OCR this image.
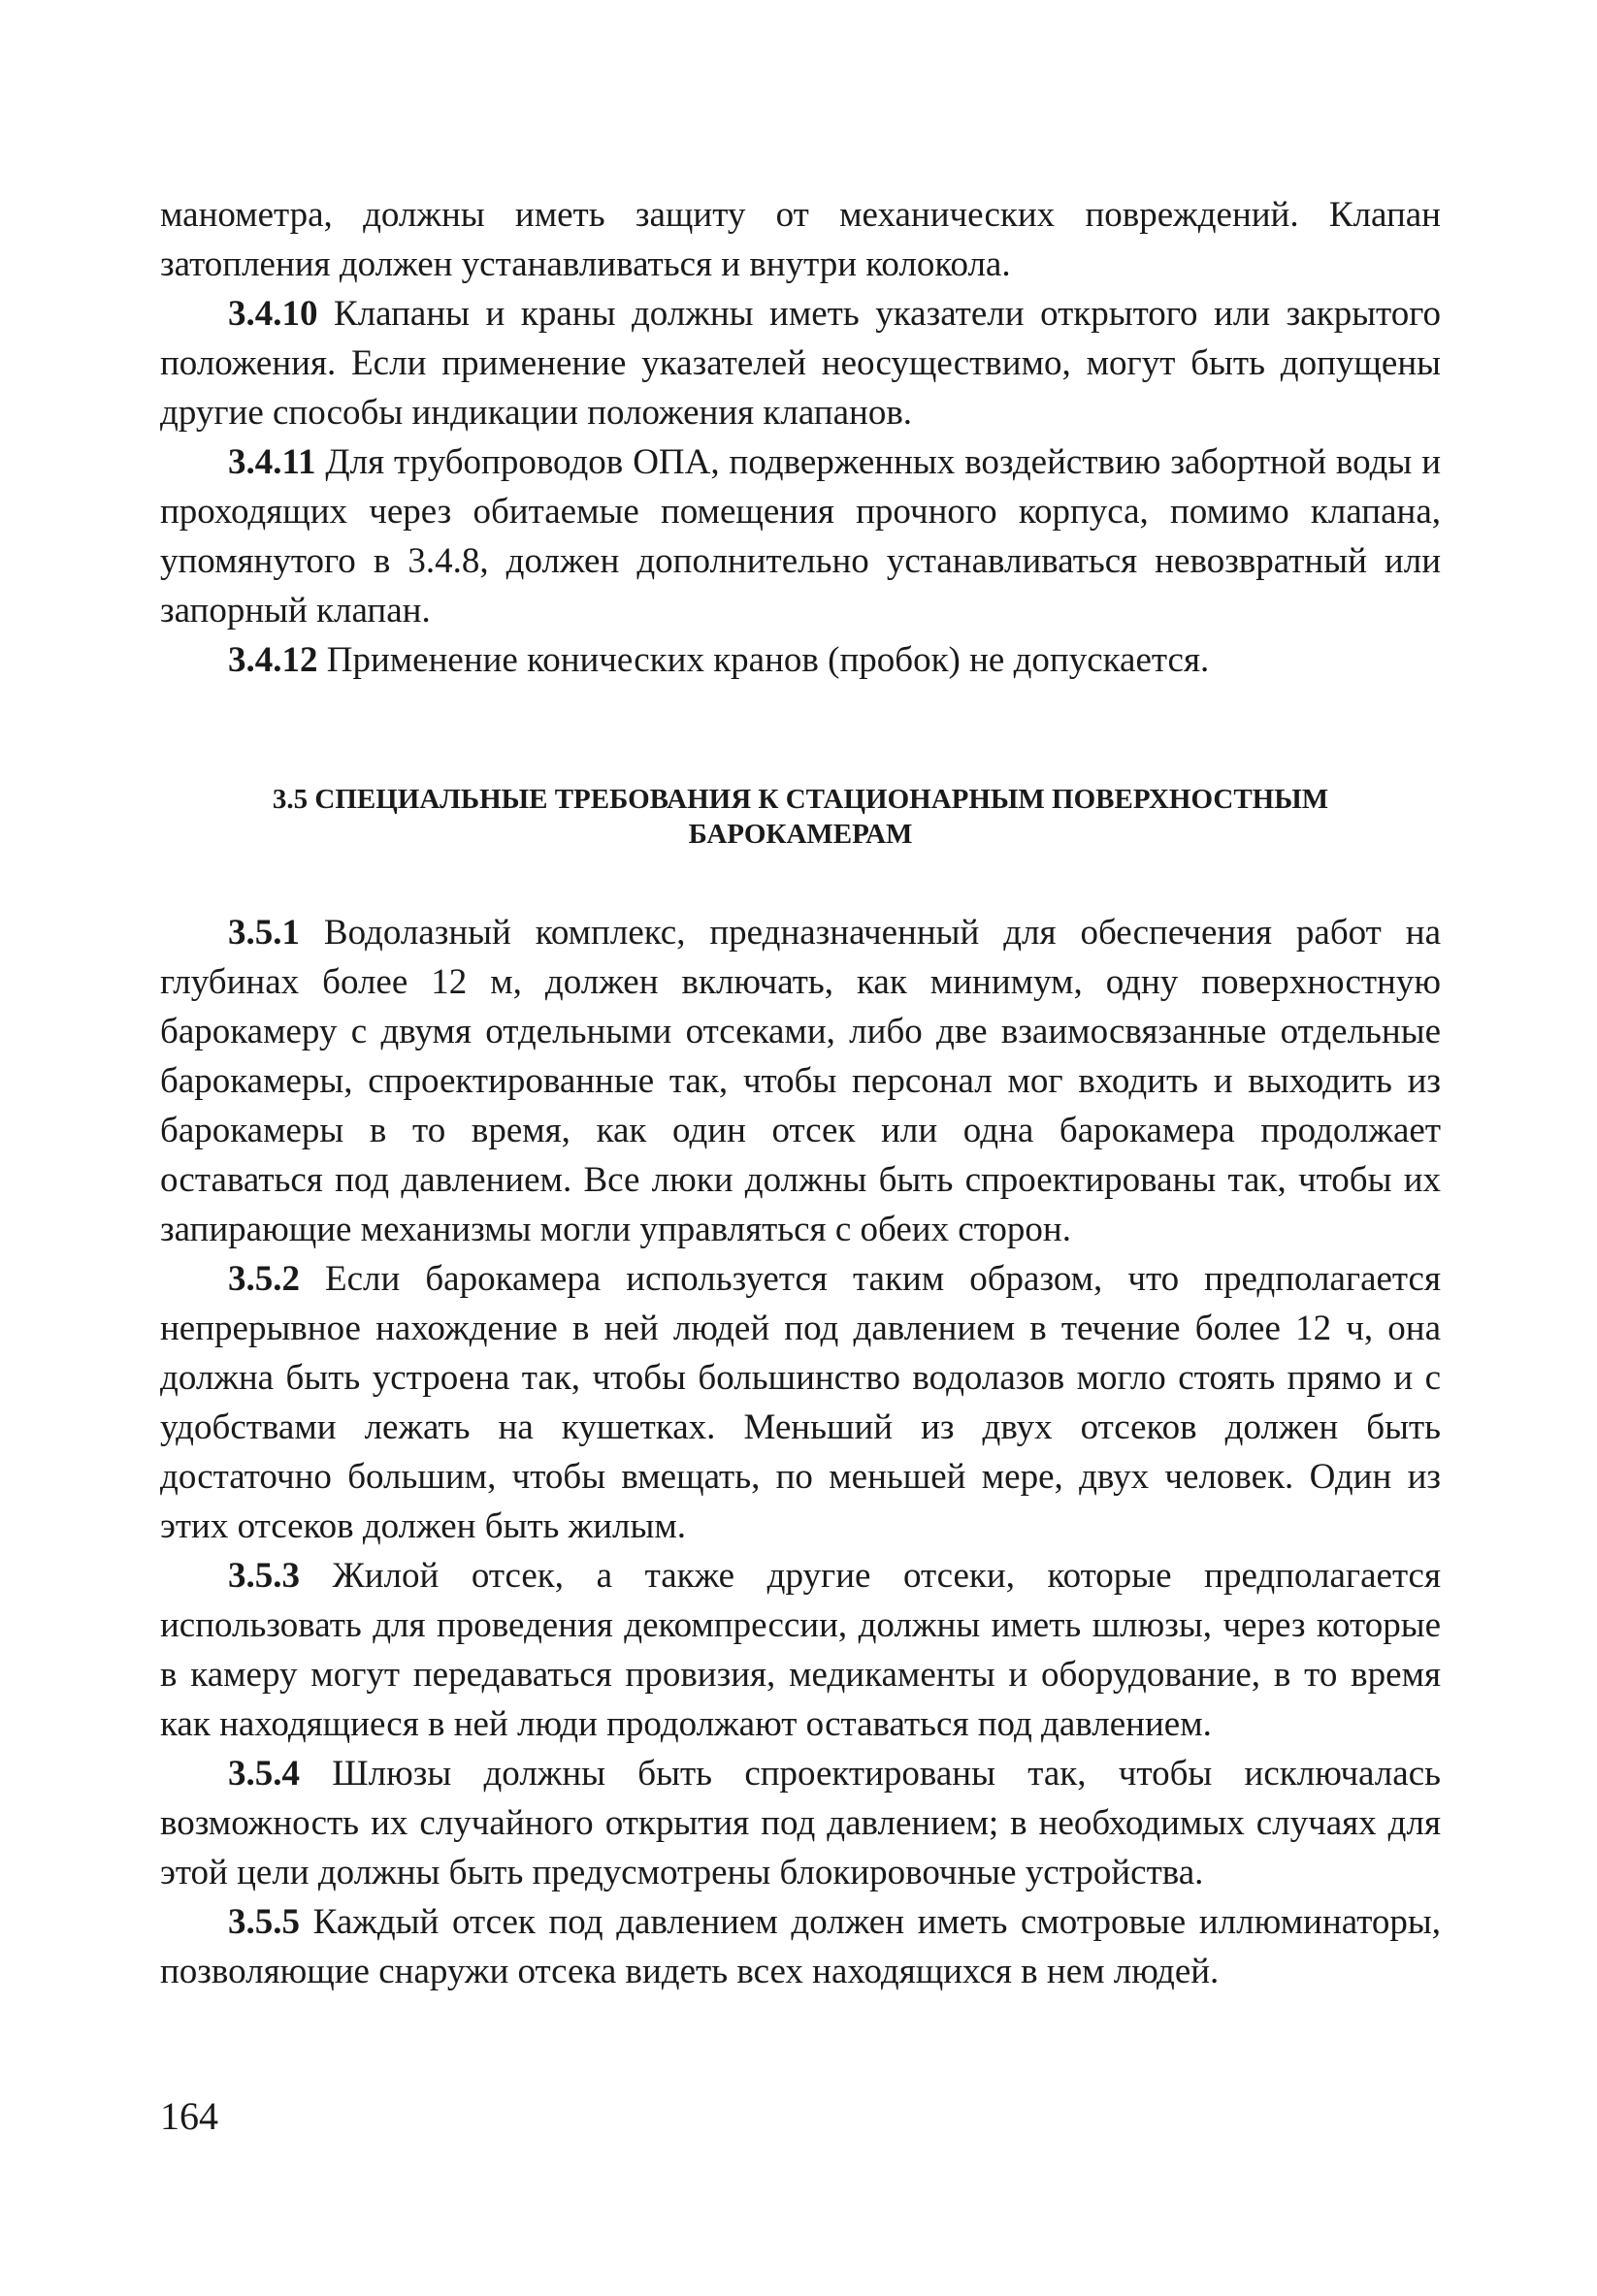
манометра, должны иметь защиту от механических повреждений. Клапан затопления должен устанавливаться и внутри колокола.

3.4.10 Клапаны и краны должны иметь указатели открытого или закрытого положения. Если применение указателей неосуществимо, могут быть допущены другие способы индикации положения клапанов.

3.4.11 Для трубопроводов ОПА, подверженных воздействию забортной воды и проходящих через обитаемые помещения прочного корпуса, помимо клапана, упомянутого в 3.4.8, должен дополнительно устанавливаться невозвратный или запорный клапан.

3.4.12 Применение конических кранов (пробок) не допускается.

3.5 СПЕЦИАЛЬНЫЕ ТРЕБОВАНИЯ К СТАЦИОНАРНЫМ ПОВЕРХНОСТНЫМ БАРОКАМЕРАМ

3.5.1 Водолазный комплекс, предназначенный для обеспечения работ на глубинах более 12 м, должен включать, как минимум, одну поверхностную барокамеру с двумя отдельными отсеками, либо две взаимосвязанные отдельные барокамеры, спроектированные так, чтобы персонал мог входить и выходить из барокамеры в то время, как один отсек или одна барокамера продолжает оставаться под давлением. Все люки должны быть спроектированы так, чтобы их запирающие механизмы могли управляться с обеих сторон.

3.5.2 Если барокамера используется таким образом, что предполагается непрерывное нахождение в ней людей под давлением в течение более 12 ч, она должна быть устроена так, чтобы большинство водолазов могло стоять прямо и с удобствами лежать на кушетках. Меньший из двух отсеков должен быть достаточно большим, чтобы вмещать, по меньшей мере, двух человек. Один из этих отсеков должен быть жилым.

3.5.3 Жилой отсек, а также другие отсеки, которые предполагается использовать для проведения декомпрессии, должны иметь шлюзы, через которые в камеру могут передаваться провизия, медикаменты и оборудование, в то время как находящиеся в ней люди продолжают оставаться под давлением.

3.5.4 Шлюзы должны быть спроектированы так, чтобы исключалась возможность их случайного открытия под давлением; в необходимых случаях для этой цели должны быть предусмотрены блокировочные устройства.

3.5.5 Каждый отсек под давлением должен иметь смотровые иллюминаторы, позволяющие снаружи отсека видеть всех находящихся в нем людей.

164
